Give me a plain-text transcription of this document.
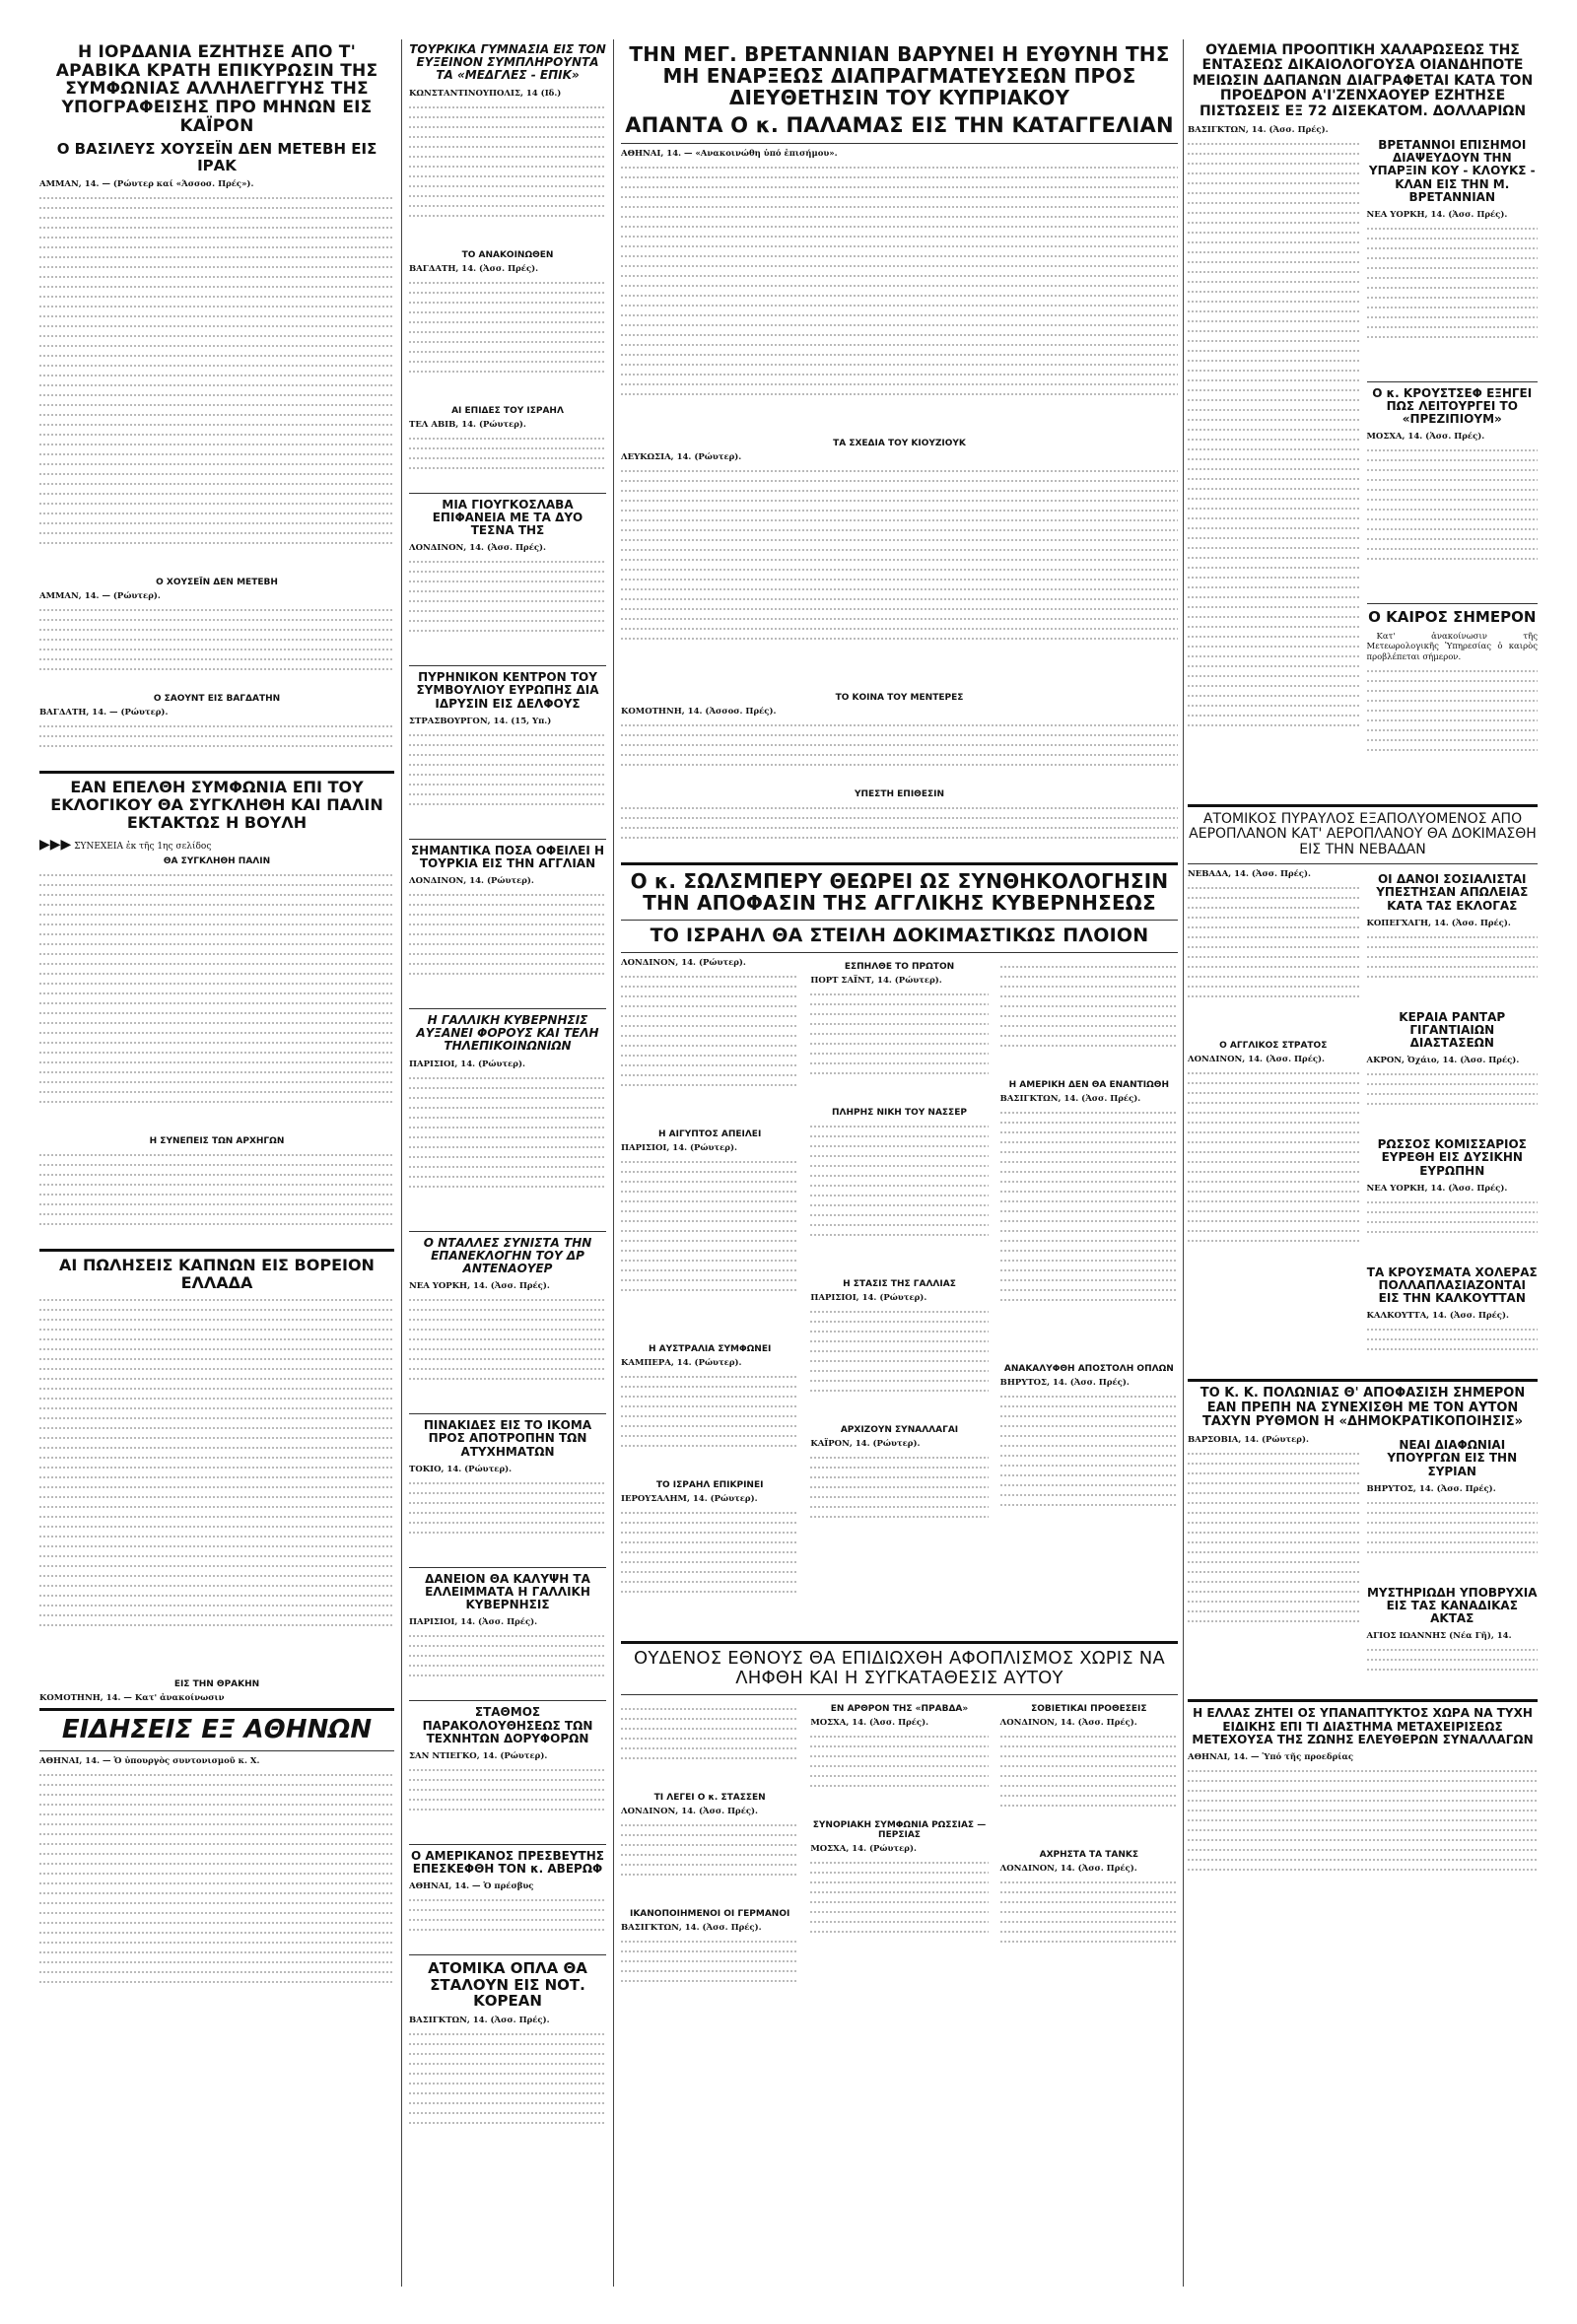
Η ΙΟΡΔΑΝΙΑ ΕΖΗΤΗΣΕ ΑΠΟ Τ' ΑΡΑΒΙΚΑ ΚΡΑΤΗ ΕΠΙΚΥΡΩΣΙΝ ΤΗΣ ΣΥΜΦΩΝΙΑΣ ΑΛΛΗΛΕΓΓΥΗΣ ΤΗΣ ΥΠΟΓΡΑΦΕΙΣΗΣ ΠΡΟ ΜΗΝΩΝ ΕΙΣ ΚΑΪΡΟΝ
Ο ΒΑΣΙΛΕΥΣ ΧΟΥΣΕΪΝ ΔΕΝ ΜΕΤΕΒΗ ΕΙΣ ΙΡΑΚ
ΑΜΜΑΝ, 14. — (Ρώυτερ καί «Άσσοσ. Πρές»).
Ο ΧΟΥΣΕΪΝ ΔΕΝ ΜΕΤΕΒΗ
ΑΜΜΑΝ, 14. — (Ρώυτερ).
Ο ΣΑΟΥΝΤ ΕΙΣ ΒΑΓΔΑΤΗΝ
ΒΑΓΔΑΤΗ, 14. — (Ρώυτερ).
ΕΑΝ ΕΠΕΛΘΗ ΣΥΜΦΩΝΙΑ ΕΠΙ ΤΟΥ ΕΚΛΟΓΙΚΟΥ ΘΑ ΣΥΓΚΛΗΘΗ ΚΑΙ ΠΑΛΙΝ ΕΚΤΑΚΤΩΣ Η ΒΟΥΛΗ
▶▶▶ ΣΥΝΕΧΕΙΑ ἐκ τῆς 1ης σελίδος
ΘΑ ΣΥΓΚΛΗΘΗ ΠΑΛΙΝ
Η ΣΥΝΕΠΕΙΣ ΤΩΝ ΑΡΧΗΓΩΝ
ΑΙ ΠΩΛΗΣΕΙΣ ΚΑΠΝΩΝ ΕΙΣ ΒΟΡΕΙΟΝ ΕΛΛΑΔΑ
ΕΙΣ ΤΗΝ ΘΡΑΚΗΝ
ΚΟΜΟΤΗΝΗ, 14. — Κατ' ἀνακοίνωσιν
ΕΙΔΗΣΕΙΣ ΕΞ ΑΘΗΝΩΝ
ΑΘΗΝΑΙ, 14. — Ὁ ὑπουργὸς συντονισμοῦ κ. Χ.
ΤΟΥΡΚΙΚΑ ΓΥΜΝΑΣΙΑ ΕΙΣ ΤΟΝ ΕΥΞΕΙΝΟΝ ΣΥΜΠΛΗΡΟΥΝΤΑ ΤΑ «ΜΕΔΓΛΕΣ - ΕΠΙΚ»
ΚΩΝΣΤΑΝΤΙΝΟΥΠΟΛΙΣ, 14 (Ιδ.)
ΤΟ ΑΝΑΚΟΙΝΩΘΕΝ
ΒΑΓΔΑΤΗ, 14. (Ἀσσ. Πρές).
ΑΙ ΕΠΙΔΕΣ ΤΟΥ ΙΣΡΑΗΛ
ΤΕΛ ΑΒΙΒ, 14. (Ρώυτερ).
ΜΙΑ ΓΙΟΥΓΚΟΣΛΑΒΑ ΕΠΙΦΑΝΕΙΑ ΜΕ ΤΑ ΔΥΟ ΤΕΣΝΑ ΤΗΣ
ΛΟΝΔΙΝΟΝ, 14. (Ἀσσ. Πρές).
ΠΥΡΗΝΙΚΟΝ ΚΕΝΤΡΟΝ ΤΟΥ ΣΥΜΒΟΥΛΙΟΥ ΕΥΡΩΠΗΣ ΔΙΑ ΙΔΡΥΣΙΝ ΕΙΣ ΔΕΛΦΟΥΣ
ΣΤΡΑΣΒΟΥΡΓΟΝ, 14. (15, Υπ.)
ΣΗΜΑΝΤΙΚΑ ΠΟΣΑ ΟΦΕΙΛΕΙ Η ΤΟΥΡΚΙΑ ΕΙΣ ΤΗΝ ΑΓΓΛΙΑΝ
ΛΟΝΔΙΝΟΝ, 14. (Ρώυτερ).
Η ΓΑΛΛΙΚΗ ΚΥΒΕΡΝΗΣΙΣ ΑΥΞΑΝΕΙ ΦΟΡΟΥΣ ΚΑΙ ΤΕΛΗ ΤΗΛΕΠΙΚΟΙΝΩΝΙΩΝ
ΠΑΡΙΣΙΟΙ, 14. (Ρώυτερ).
Ο ΝΤΑΛΛΕΣ ΣΥΝΙΣΤΑ ΤΗΝ ΕΠΑΝΕΚΛΟΓΗΝ ΤΟΥ ΔΡ ΑΝΤΕΝΑΟΥΕΡ
ΝΕΑ ΥΟΡΚΗ, 14. (Ἀσσ. Πρές).
ΠΙΝΑΚΙΔΕΣ ΕΙΣ ΤΟ ΙΚΟΜΑ ΠΡΟΣ ΑΠΟΤΡΟΠΗΝ ΤΩΝ ΑΤΥΧΗΜΑΤΩΝ
ΤΟΚΙΟ, 14. (Ρώυτερ).
ΔΑΝΕΙΟΝ ΘΑ ΚΑΛΥΨΗ ΤΑ ΕΛΛΕΙΜΜΑΤΑ Η ΓΑΛΛΙΚΗ ΚΥΒΕΡΝΗΣΙΣ
ΠΑΡΙΣΙΟΙ, 14. (Ἀσσ. Πρές).
ΣΤΑΘΜΟΣ ΠΑΡΑΚΟΛΟΥΘΗΣΕΩΣ ΤΩΝ ΤΕΧΝΗΤΩΝ ΔΟΡΥΦΟΡΩΝ
ΣΑΝ ΝΤΙΕΓΚΟ, 14. (Ρώυτερ).
Ο ΑΜΕΡΙΚΑΝΟΣ ΠΡΕΣΒΕΥΤΗΣ ΕΠΕΣΚΕΦΘΗ ΤΟΝ κ. ΑΒΕΡΩΦ
ΑΘΗΝΑΙ, 14. — Ὁ πρέσβυς
ΑΤΟΜΙΚΑ ΟΠΛΑ ΘΑ ΣΤΑΛΟΥΝ ΕΙΣ ΝΟΤ. ΚΟΡΕΑΝ
ΒΑΣΙΓΚΤΩΝ, 14. (Ἀσσ. Πρές).
ΤΗΝ ΜΕΓ. ΒΡΕΤΑΝΝΙΑΝ ΒΑΡΥΝΕΙ Η ΕΥΘΥΝΗ ΤΗΣ ΜΗ ΕΝΑΡΞΕΩΣ ΔΙΑΠΡΑΓΜΑΤΕΥΣΕΩΝ ΠΡΟΣ ΔΙΕΥΘΕΤΗΣΙΝ ΤΟΥ ΚΥΠΡΙΑΚΟΥ
ΑΠΑΝΤΑ Ο κ. ΠΑΛΑΜΑΣ ΕΙΣ ΤΗΝ ΚΑΤΑΓΓΕΛΙΑΝ
ΑΘΗΝΑΙ, 14. — «Ανακοινώθη ὑπό ἐπισήμου».
ΤΑ ΣΧΕΔΙΑ ΤΟΥ ΚΙΟΥΖΙΟΥΚ
ΛΕΥΚΩΣΙΑ, 14. (Ρώυτερ).
ΤΟ ΚΟΙΝΑ ΤΟΥ ΜΕΝΤΕΡΕΣ
ΚΟΜΟΤΗΝΗ, 14. (Ἀσσοσ. Πρές).
ΥΠΕΣΤΗ ΕΠΙΘΕΣΙΝ
Ο κ. ΣΩΛΣΜΠΕΡΥ ΘΕΩΡΕΙ ΩΣ ΣΥΝΘΗΚΟΛΟΓΗΣΙΝ ΤΗΝ ΑΠΟΦΑΣΙΝ ΤΗΣ ΑΓΓΛΙΚΗΣ ΚΥΒΕΡΝΗΣΕΩΣ
ΤΟ ΙΣΡΑΗΛ ΘΑ ΣΤΕΙΛΗ ΔΟΚΙΜΑΣΤΙΚΩΣ ΠΛΟΙΟΝ
ΛΟΝΔΙΝΟΝ, 14. (Ρώυτερ).
Η ΑΙΓΥΠΤΟΣ ΑΠΕΙΛΕΙ
ΠΑΡΙΣΙΟΙ, 14. (Ρώυτερ).
Η ΑΥΣΤΡΑΛΙΑ ΣΥΜΦΩΝΕΙ
ΚΑΜΠΕΡΑ, 14. (Ρώυτερ).
ΤΟ ΙΣΡΑΗΛ ΕΠΙΚΡΙΝΕΙ
ΙΕΡΟΥΣΑΛΗΜ, 14. (Ρώυτερ).
ΕΣΠΗΛΘΕ ΤΟ ΠΡΩΤΟΝ
ΠΟΡΤ ΣΑΪΝΤ, 14. (Ρώυτερ).
ΠΛΗΡΗΣ ΝΙΚΗ ΤΟΥ ΝΑΣΣΕΡ
Η ΣΤΑΣΙΣ ΤΗΣ ΓΑΛΛΙΑΣ
ΠΑΡΙΣΙΟΙ, 14. (Ρώυτερ).
ΑΡΧΙΖΟΥΝ ΣΥΝΑΛΛΑΓΑΙ
ΚΑΪΡΟΝ, 14. (Ρώυτερ).
Η ΑΜΕΡΙΚΗ ΔΕΝ ΘΑ ΕΝΑΝΤΙΩΘΗ
ΒΑΣΙΓΚΤΩΝ, 14. (Ἀσσ. Πρές).
ΑΝΑΚΑΛΥΦΘΗ ΑΠΟΣΤΟΛΗ ΟΠΛΩΝ
ΒΗΡΥΤΟΣ, 14. (Ἀσσ. Πρές).
ΟΥΔΕΝΟΣ ΕΘΝΟΥΣ ΘΑ ΕΠΙΔΙΩΧΘΗ ΑΦΟΠΛΙΣΜΟΣ ΧΩΡΙΣ ΝΑ ΛΗΦΘΗ ΚΑΙ Η ΣΥΓΚΑΤΑΘΕΣΙΣ ΑΥΤΟΥ
ΤΙ ΛΕΓΕΙ Ο κ. ΣΤΑΣΣΕΝ
ΛΟΝΔΙΝΟΝ, 14. (Ἀσσ. Πρές).
ΙΚΑΝΟΠΟΙΗΜΕΝΟΙ ΟΙ ΓΕΡΜΑΝΟΙ
ΒΑΣΙΓΚΤΩΝ, 14. (Ἀσσ. Πρές).
ΕΝ ΑΡΘΡΟΝ ΤΗΣ «ΠΡΑΒΔΑ»
ΜΟΣΧΑ, 14. (Ἀσσ. Πρές).
ΣΥΝΟΡΙΑΚΗ ΣΥΜΦΩΝΙΑ ΡΩΣΣΙΑΣ — ΠΕΡΣΙΑΣ
ΜΟΣΧΑ, 14. (Ρώυτερ).
ΣΟΒΙΕΤΙΚΑΙ ΠΡΟΘΕΣΕΙΣ
ΛΟΝΔΙΝΟΝ, 14. (Ἀσσ. Πρές).
ΑΧΡΗΣΤΑ ΤΑ ΤΑΝΚΣ
ΛΟΝΔΙΝΟΝ, 14. (Ἀσσ. Πρές).
ΟΥΔΕΜΙΑ ΠΡΟΟΠΤΙΚΗ ΧΑΛΑΡΩΣΕΩΣ ΤΗΣ ΕΝΤΑΣΕΩΣ ΔΙΚΑΙΟΛΟΓΟΥΣΑ ΟΙΑΝΔΗΠΟΤΕ ΜΕΙΩΣΙΝ ΔΑΠΑΝΩΝ ΔΙΑΓΡΑΦΕΤΑΙ ΚΑΤΑ ΤΟΝ ΠΡΟΕΔΡΟΝ Α'Ι'ΖΕΝΧΑΟΥΕΡ ΕΖΗΤΗΣΕ ΠΙΣΤΩΣΕΙΣ ΕΞ 72 ΔΙΣΕΚΑΤΟΜ. ΔΟΛΛΑΡΙΩΝ
ΒΑΣΙΓΚΤΩΝ, 14. (Ἀσσ. Πρές).
ΒΡΕΤΑΝΝΟΙ ΕΠΙΣΗΜΟΙ ΔΙΑΨΕΥΔΟΥΝ ΤΗΝ ΥΠΑΡΞΙΝ ΚΟΥ - ΚΛΟΥΚΣ - ΚΛΑΝ ΕΙΣ ΤΗΝ Μ. ΒΡΕΤΑΝΝΙΑΝ
ΝΕΑ ΥΟΡΚΗ, 14. (Ἀσσ. Πρές).
Ο κ. ΚΡΟΥΣΤΣΕΦ ΕΞΗΓΕΙ ΠΩΣ ΛΕΙΤΟΥΡΓΕΙ ΤΟ «ΠΡΕΖΙΠΙΟΥΜ»
ΜΟΣΧΑ, 14. (Ἀσσ. Πρές).
Ο ΚΑΙΡΟΣ ΣΗΜΕΡΟΝ

Κατ' ἀνακοίνωσιν τῆς Μετεωρολογικῆς Ὑπηρεσίας ὁ καιρὸς προβλέπεται σήμερον.

ΑΤΟΜΙΚΟΣ ΠΥΡΑΥΛΟΣ ΕΞΑΠΟΛΥΟΜΕΝΟΣ ΑΠΟ ΑΕΡΟΠΛΑΝΟΝ ΚΑΤ' ΑΕΡΟΠΛΑΝΟΥ ΘΑ ΔΟΚΙΜΑΣΘΗ ΕΙΣ ΤΗΝ ΝΕΒΑΔΑΝ
ΝΕΒΑΔΑ, 14. (Ἀσσ. Πρές).
Ο ΑΓΓΛΙΚΟΣ ΣΤΡΑΤΟΣ
ΛΟΝΔΙΝΟΝ, 14. (Ἀσσ. Πρές).
ΟΙ ΔΑΝΟΙ ΣΟΣΙΑΛΙΣΤΑΙ ΥΠΕΣΤΗΣΑΝ ΑΠΩΛΕΙΑΣ ΚΑΤΑ ΤΑΣ ΕΚΛΟΓΑΣ
ΚΟΠΕΓΧΑΓΗ, 14. (Ἀσσ. Πρές).
ΚΕΡΑΙΑ ΡΑΝΤΑΡ ΓΙΓΑΝΤΙΑΙΩΝ ΔΙΑΣΤΑΣΕΩΝ
ΑΚΡΟΝ, Ὀχάιο, 14. (Ἀσσ. Πρές).
ΡΩΣΣΟΣ ΚΟΜΙΣΣΑΡΙΟΣ ΕΥΡΕΘΗ ΕΙΣ ΔΥΣΙΚΗΝ ΕΥΡΩΠΗΝ
ΝΕΑ ΥΟΡΚΗ, 14. (Ἀσσ. Πρές).
ΤΑ ΚΡΟΥΣΜΑΤΑ ΧΟΛΕΡΑΣ ΠΟΛΛΑΠΛΑΣΙΑΖΟΝΤΑΙ ΕΙΣ ΤΗΝ ΚΑΛΚΟΥΤΤΑΝ
ΚΑΛΚΟΥΤΤΑ, 14. (Ἀσσ. Πρές).
ΤΟ Κ. Κ. ΠΟΛΩΝΙΑΣ Θ' ΑΠΟΦΑΣΙΣΗ ΣΗΜΕΡΟΝ ΕΑΝ ΠΡΕΠΗ ΝΑ ΣΥΝΕΧΙΣΘΗ ΜΕ ΤΟΝ ΑΥΤΟΝ ΤΑΧΥΝ ΡΥΘΜΟΝ Η «ΔΗΜΟΚΡΑΤΙΚΟΠΟΙΗΣΙΣ»
ΒΑΡΣΟΒΙΑ, 14. (Ρώυτερ).	ΝΕΑΙ ΔΙΑΦΩΝΙΑΙ ΥΠΟΥΡΓΩΝ ΕΙΣ ΤΗΝ ΣΥΡΙΑΝ
ΒΗΡΥΤΟΣ, 14. (Ἀσσ. Πρές).
ΜΥΣΤΗΡΙΩΔΗ ΥΠΟΒΡΥΧΙΑ ΕΙΣ ΤΑΣ ΚΑΝΑΔΙΚΑΣ ΑΚΤΑΣ
ΑΓΙΟΣ ΙΩΑΝΝΗΣ (Νέα Γῆ), 14.
Η ΕΛΛΑΣ ΖΗΤΕΙ ΟΣ ΥΠΑΝΑΠΤΥΚΤΟΣ ΧΩΡΑ ΝΑ ΤΥΧΗ ΕΙΔΙΚΗΣ ΕΠΙ ΤΙ ΔΙΑΣΤΗΜΑ ΜΕΤΑΧΕΙΡΙΣΕΩΣ ΜΕΤΕΧΟΥΣΑ ΤΗΣ ΖΩΝΗΣ ΕΛΕΥΘΕΡΩΝ ΣΥΝΑΛΛΑΓΩΝ
ΑΘΗΝΑΙ, 14. — Ὑπό τῆς προεδρίας
